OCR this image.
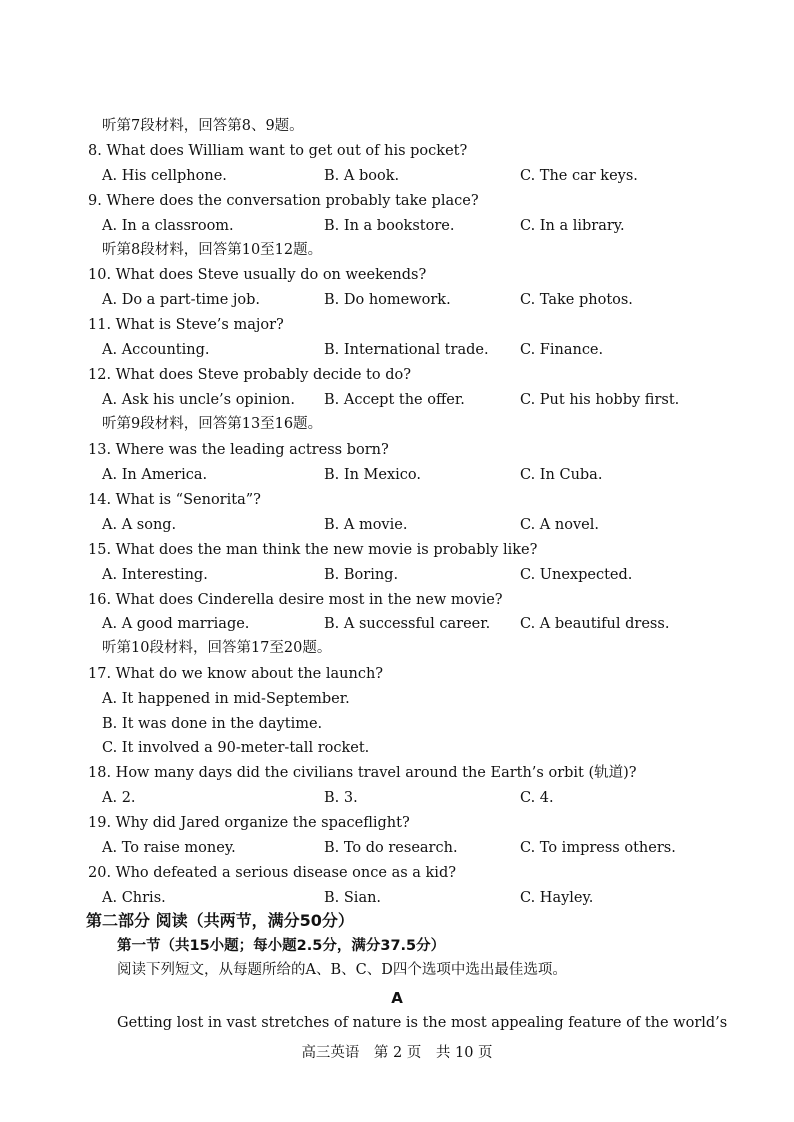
听第7段材料，回答第8、9题。
8. What does William want to get out of his pocket?
A. His cellphone.	B. A book.	C. The car keys.
9. Where does the conversation probably take place?
A. In a classroom.	B. In a bookstore.	C. In a library.
听第8段材料，回答第10至12题。
10. What does Steve usually do on weekends?
A. Do a part-time job.	B. Do homework.	C. Take photos.
11. What is Steve’s major?
A. Accounting.	B. International trade. C. Finance.
12. What does Steve probably decide to do?
A. Ask his uncle’s opinion. B. Accept the offer.	C. Put his hobby first.
听第9段材料，回答第13至16题。
13. Where was the leading actress born?
A. In America.	B. In Mexico.	C. In Cuba.
14. What is “Senorita”?
A. A song.	B. A movie.	C. A novel.
15. What does the man think the new movie is probably like?
A. Interesting.	B. Boring.	C. Unexpected.
16. What does Cinderella desire most in the new movie?
A. A good marriage.	B. A successful career. C. A beautiful dress.
听第10段材料，回答第17至20题。
17. What do we know about the launch?
A. It happened in mid-September.
B. It was done in the daytime.
C. It involved a 90-meter-tall rocket.
18. How many days did the civilians travel around the Earth’s orbit (轨道)?
A. 2.	B. 3.	C. 4.
19. Why did Jared organize the spaceflight?
A. To raise money.	B. To do research.	C. To impress others.
20. Who defeated a serious disease once as a kid?
A. Chris.	B. Sian.	C. Hayley.
第二部分 阅读（共两节，满分50分）
第一节（共15小题；每小题2.5分，满分37.5分）
阅读下列短文，从每题所给的A、B、C、D四个选项中选出最佳选项。
A
Getting lost in vast stretches of nature is the most appealing feature of the world’s
高三英语　第 2 页　共 10 页
